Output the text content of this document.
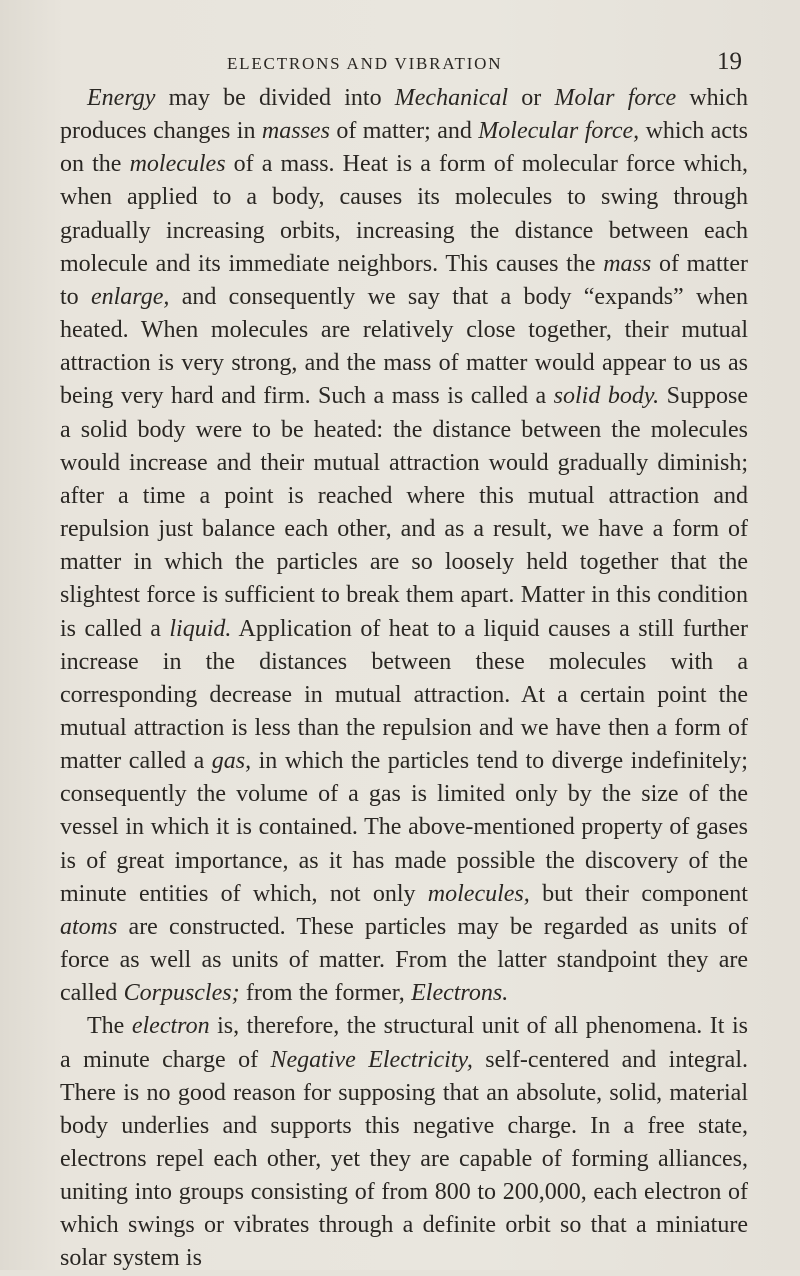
ELECTRONS AND VIBRATION	19

Energy may be divided into Mechanical or Molar force which produces changes in masses of matter; and Molecular force, which acts on the molecules of a mass. Heat is a form of molecular force which, when applied to a body, causes its molecules to swing through gradually increasing orbits, increasing the distance between each molecule and its immediate neighbors. This causes the mass of matter to enlarge, and consequently we say that a body “expands” when heated. When molecules are relatively close together, their mutual attraction is very strong, and the mass of matter would appear to us as being very hard and firm. Such a mass is called a solid body. Suppose a solid body were to be heated: the distance between the molecules would increase and their mutual attraction would gradually diminish; after a time a point is reached where this mutual attraction and repulsion just balance each other, and as a result, we have a form of matter in which the particles are so loosely held together that the slightest force is sufficient to break them apart. Matter in this condition is called a liquid. Application of heat to a liquid causes a still further increase in the distances between these molecules with a corresponding decrease in mutual attraction. At a certain point the mutual attraction is less than the repulsion and we have then a form of matter called a gas, in which the particles tend to diverge indefinitely; consequently the volume of a gas is limited only by the size of the vessel in which it is contained. The above-mentioned property of gases is of great importance, as it has made possible the discovery of the minute entities of which, not only molecules, but their component atoms are constructed. These particles may be regarded as units of force as well as units of matter. From the latter standpoint they are called Corpuscles; from the former, Electrons.

The electron is, therefore, the structural unit of all phenomena. It is a minute charge of Negative Electricity, self-centered and integral. There is no good reason for supposing that an absolute, solid, material body underlies and supports this negative charge. In a free state, electrons repel each other, yet they are capable of forming alliances, uniting into groups consisting of from 800 to 200,000, each electron of which swings or vibrates through a definite orbit so that a miniature solar system is
